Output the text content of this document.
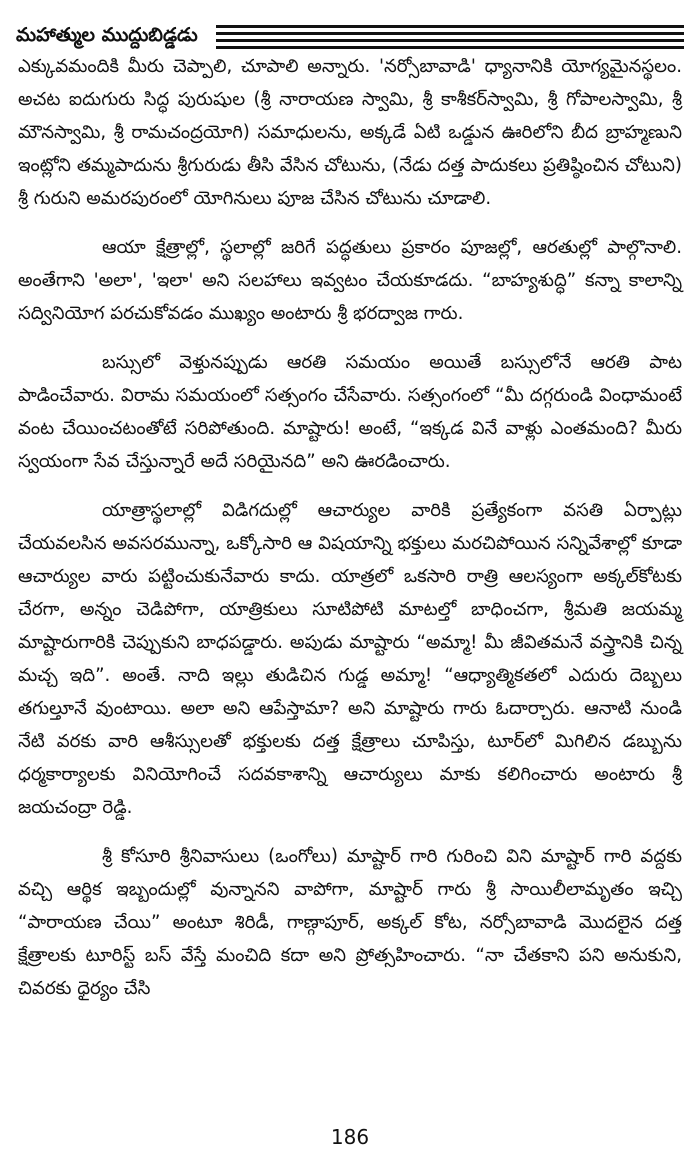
మహాత్ముల ముద్దుబిడ్డడు

ఎక్కువమందికి మీరు చెప్పాలి, చూపాలి అన్నారు. 'నర్సోబావాడి' ధ్యానానికి యోగ్యమైనస్థలం. అచట ఐదుగురు సిద్ధ పురుషుల (శ్రీ నారాయణ స్వామి, శ్రీ కాశీకర్‌స్వామి, శ్రీ గోపాలస్వామి, శ్రీ మౌనస్వామి, శ్రీ రామచంద్రయోగి) సమాధులను, అక్కడే ఏటి ఒడ్డున ఊరిలోని బీద బ్రాహ్మణుని ఇంట్లోని తమ్మపాదును శ్రీగురుడు తీసి వేసిన చోటును, (నేడు దత్త పాదుకలు ప్రతిష్ఠించిన చోటుని) శ్రీ గురుని అమరపురంలో యోగినులు పూజ చేసిన చోటును చూడాలి.

ఆయా క్షేత్రాల్లో, స్థలాల్లో జరిగే పద్ధతులు ప్రకారం పూజల్లో, ఆరతుల్లో పాల్గొనాలి. అంతేగాని 'అలా', 'ఇలా' అని సలహాలు ఇవ్వటం చేయకూడదు. “బాహ్యశుద్ధి” కన్నా కాలాన్ని సద్వినియోగ పరచుకోవడం ముఖ్యం అంటారు శ్రీ భరద్వాజ గారు.

బస్సులో వెళ్తునప్పుడు ఆరతి సమయం అయితే బస్సులోనే ఆరతి పాట పాడించేవారు. విరామ సమయంలో సత్సంగం చేసేవారు. సత్సంగంలో “మీ దగ్గరుండి వింధామంటే వంట చేయించటంతోటే సరిపోతుంది. మాష్టారు! అంటే, “ఇక్కడ వినే వాళ్లు ఎంతమంది? మీరు స్వయంగా సేవ చేస్తున్నారే అదే సరియైనది” అని ఊరడించారు.

యాత్రాస్థలాల్లో విడిగదుల్లో ఆచార్యుల వారికి ప్రత్యేకంగా వసతి ఏర్పాట్లు చేయవలసిన అవసరమున్నా, ఒక్కోసారి ఆ విషయాన్ని భక్తులు మరచిపోయిన సన్నివేశాల్లో కూడా ఆచార్యుల వారు పట్టించుకునేవారు కాదు. యాత్రలో ఒకసారి రాత్రి ఆలస్యంగా అక్కల్‌కోటకు చేరగా, అన్నం చెడిపోగా, యాత్రికులు సూటిపోటి మాటల్తో బాధించగా, శ్రీమతి జయమ్మ మాష్టారుగారికి చెప్పుకుని బాధపడ్డారు. అపుడు మాష్టారు “అమ్మా! మీ జీవితమనే వస్త్రానికి చిన్న మచ్చ ఇది”. అంతే. నాది ఇల్లు తుడిచిన గుడ్డ అమ్మా! “ఆధ్యాత్మికతలో ఎదురు దెబ్బలు తగుల్తూనే వుంటాయి. అలా అని ఆపేస్తామా? అని మాష్టారు గారు ఓదార్చారు. ఆనాటి నుండి నేటి వరకు వారి ఆశీస్సులతో భక్తులకు దత్త క్షేత్రాలు చూపిస్తు, టూర్‌లో మిగిలిన డబ్బును ధర్మకార్యాలకు వినియోగించే సదవకాశాన్ని ఆచార్యులు మాకు కలిగించారు అంటారు శ్రీ జయచంద్రా రెడ్డి.

శ్రీ కోసూరి శ్రీనివాసులు (ఒంగోలు) మాష్టార్ గారి గురించి విని మాష్టార్ గారి వద్దకు వచ్చి ఆర్థిక ఇబ్బందుల్లో వున్నానని వాపోగా, మాష్టార్ గారు శ్రీ సాయిలీలామృతం ఇచ్చి “పారాయణ చేయి” అంటూ శిరిడీ, గాణ్గాపూర్, అక్కల్ కోట, నర్సోబావాడి మొదలైన దత్త క్షేత్రాలకు టూరిస్ట్ బస్ వేస్తే మంచిది కదా అని ప్రోత్సహించారు. “నా చేతకాని పని అనుకుని, చివరకు ధైర్యం చేసి

186
